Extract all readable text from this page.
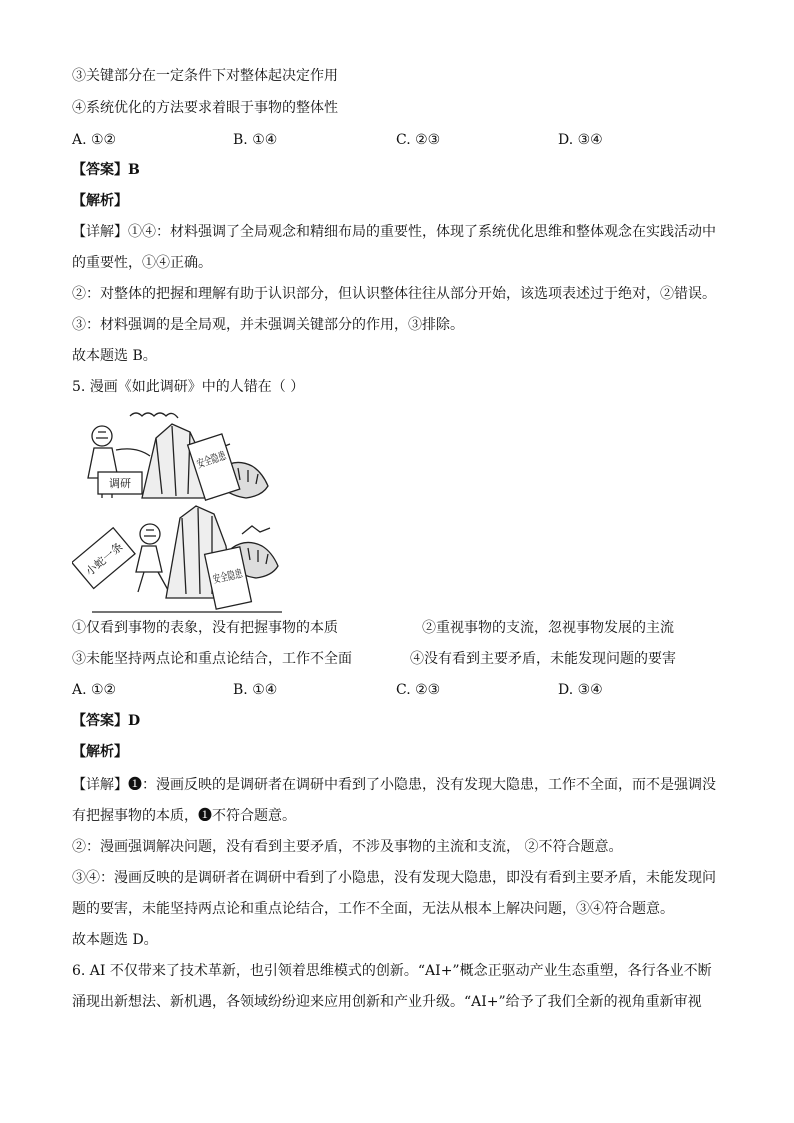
③关键部分在一定条件下对整体起决定作用
④系统优化的方法要求着眼于事物的整体性
A. ①②	B. ①④	C. ②③	D. ③④
【答案】B
【解析】
【详解】①④：材料强调了全局观念和精细布局的重要性，体现了系统优化思维和整体观念在实践活动中
的重要性，①④正确。
②：对整体的把握和理解有助于认识部分，但认识整体往往从部分开始，该选项表述过于绝对，②错误。
③：材料强调的是全局观，并未强调关键部分的作用，③排除。
故本题选 B。
5. 漫画《如此调研》中的人错在（ ）
调研
安全隐患
小蛇一条	安全隐患
①仅看到事物的表象，没有把握事物的本质	②重视事物的支流，忽视事物发展的主流
③未能坚持两点论和重点论结合，工作不全面	④没有看到主要矛盾，未能发现问题的要害
A. ①②	B. ①④	C. ②③	D. ③④
【答案】D
【解析】
【详解】❶：漫画反映的是调研者在调研中看到了小隐患，没有发现大隐患，工作不全面，而不是强调没
有把握事物的本质，❶不符合题意。
②：漫画强调解决问题，没有看到主要矛盾，不涉及事物的主流和支流， ②不符合题意。
③④：漫画反映的是调研者在调研中看到了小隐患，没有发现大隐患，即没有看到主要矛盾，未能发现问
题的要害，未能坚持两点论和重点论结合，工作不全面，无法从根本上解决问题，③④符合题意。
故本题选 D。
6. AI 不仅带来了技术革新，也引领着思维模式的创新。“AI+”概念正驱动产业生态重塑，各行各业不断
涌现出新想法、新机遇，各领域纷纷迎来应用创新和产业升级。“AI+”给予了我们全新的视角重新审视
